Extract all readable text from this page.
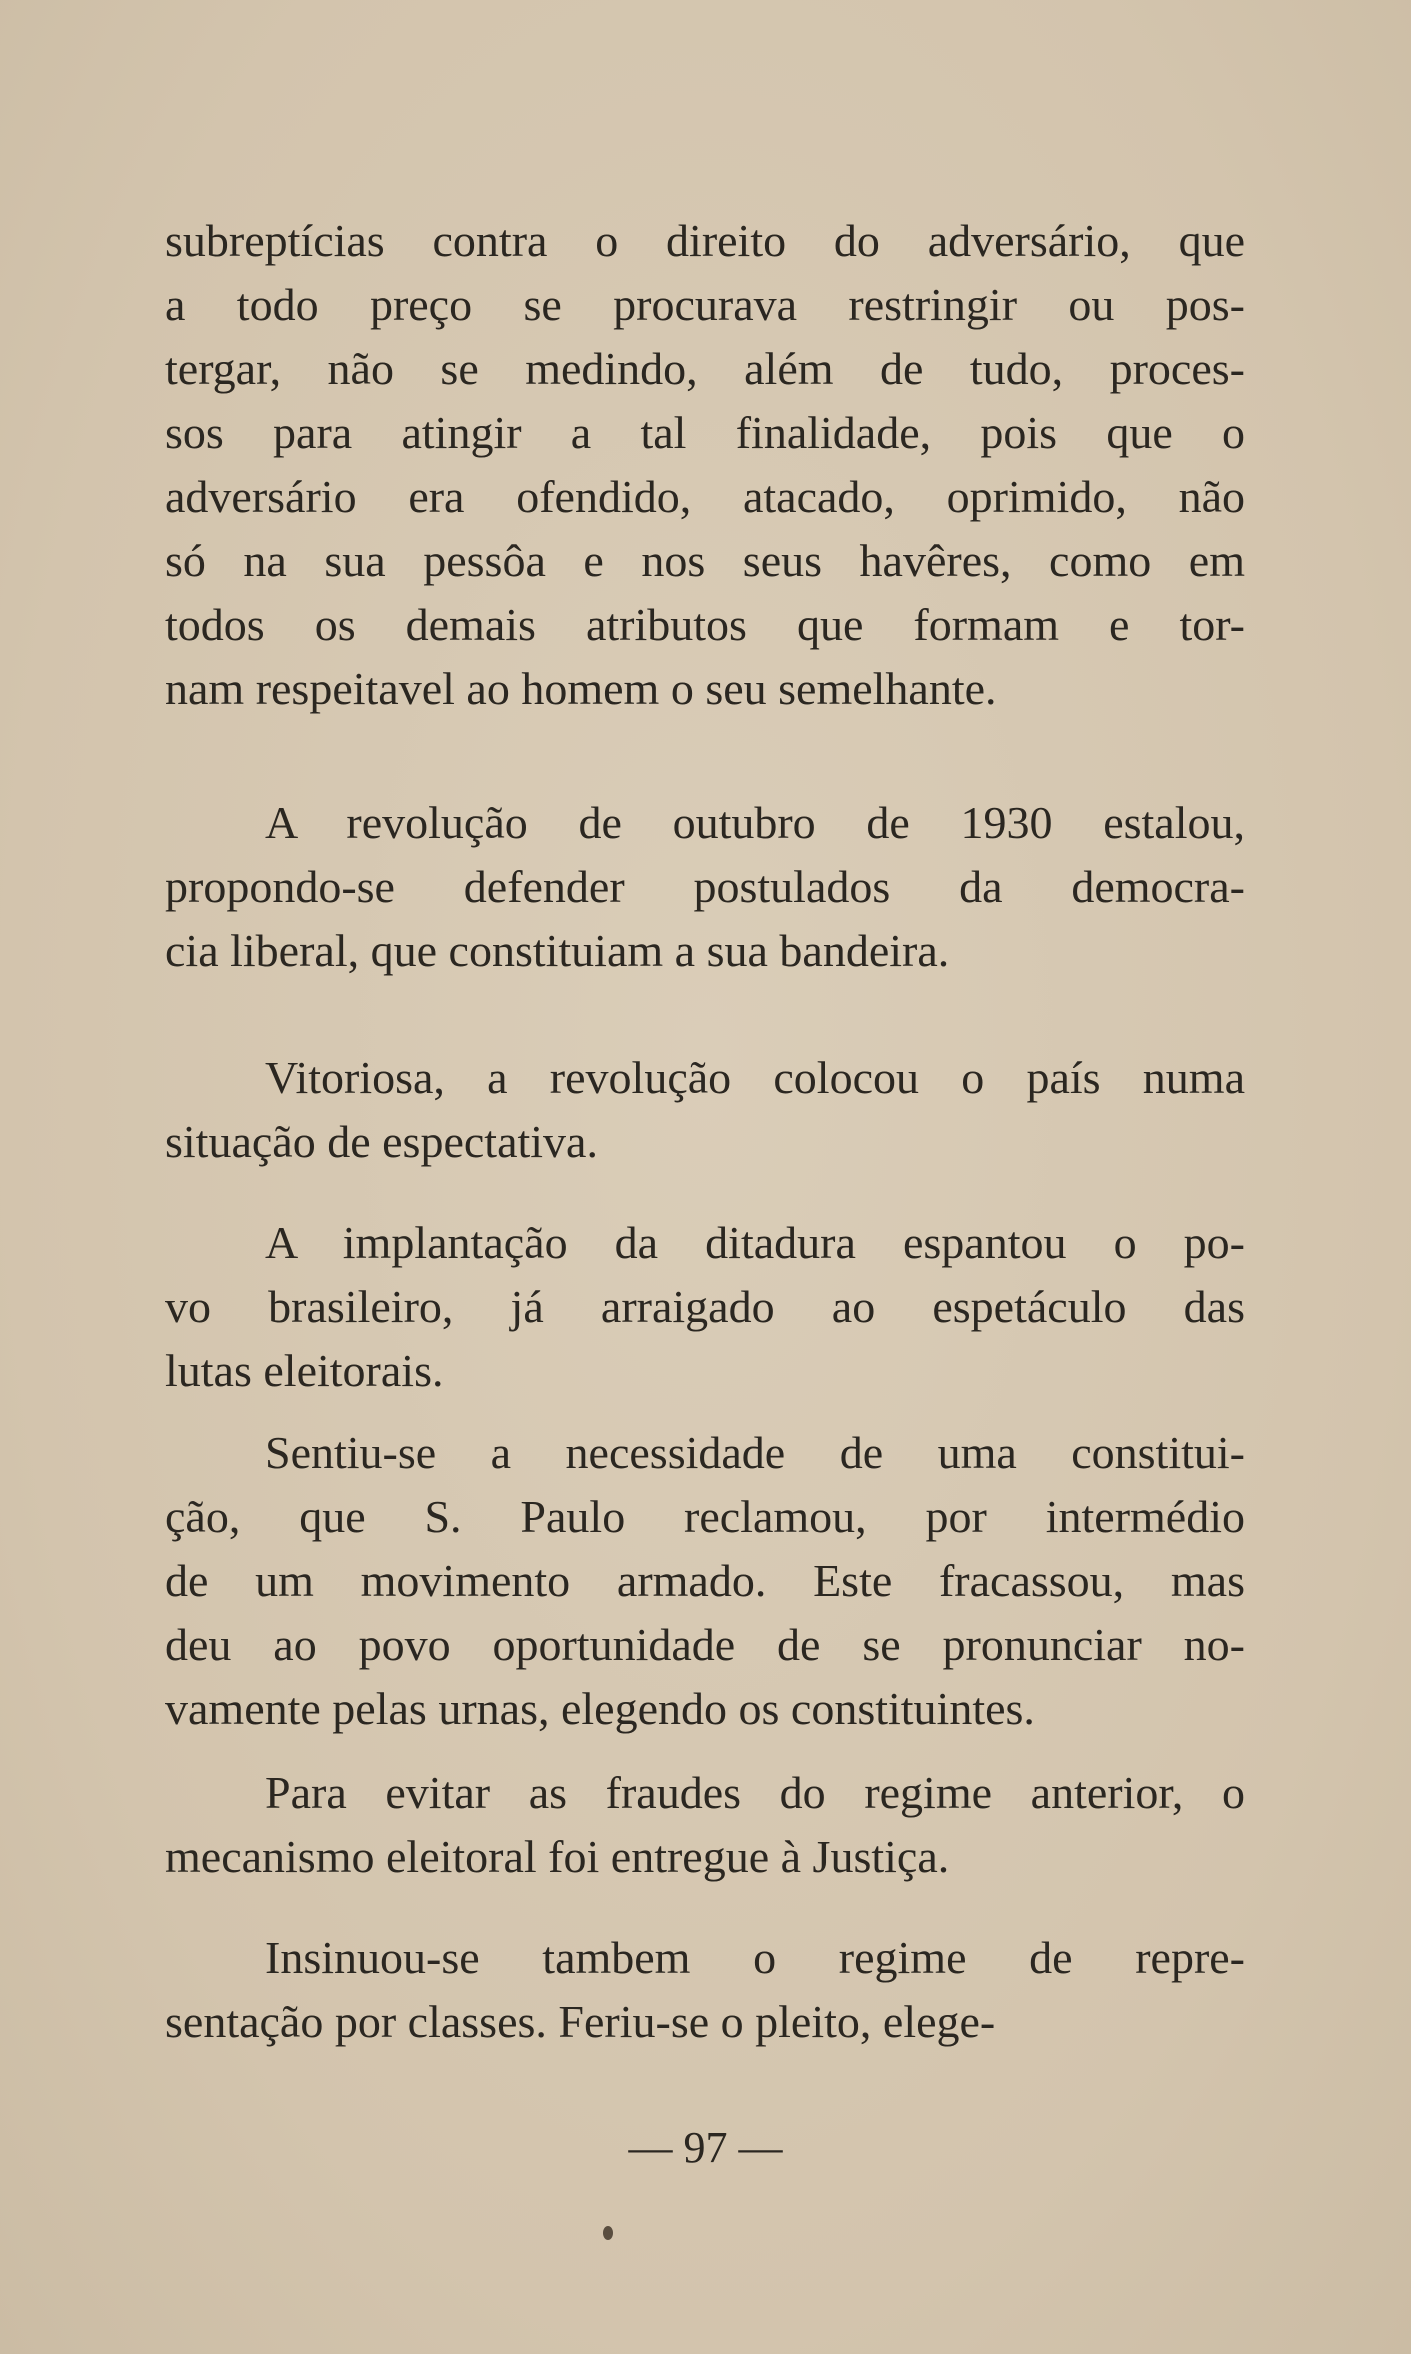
subreptícias contra o direito do adversário, que
a todo preço se procurava restringir ou pos-
tergar, não se medindo, além de tudo, proces-
sos para atingir a tal finalidade, pois que o
adversário era ofendido, atacado, oprimido, não
só na sua pessôa e nos seus havêres, como em
todos os demais atributos que formam e tor-
nam respeitavel ao homem o seu semelhante.
A revolução de outubro de 1930 estalou,
propondo-se defender postulados da democra-
cia liberal, que constituiam a sua bandeira.
Vitoriosa, a revolução colocou o país numa
situação de espectativa.
A implantação da ditadura espantou o po-
vo brasileiro, já arraigado ao espetáculo das
lutas eleitorais.
Sentiu-se a necessidade de uma constitui-
ção, que S. Paulo reclamou, por intermédio
de um movimento armado. Este fracassou, mas
deu ao povo oportunidade de se pronunciar no-
vamente pelas urnas, elegendo os constituintes.
Para evitar as fraudes do regime anterior, o
mecanismo eleitoral foi entregue à Justiça.
Insinuou-se tambem o regime de repre-
sentação por classes. Feriu-se o pleito, elege-
— 97 —
